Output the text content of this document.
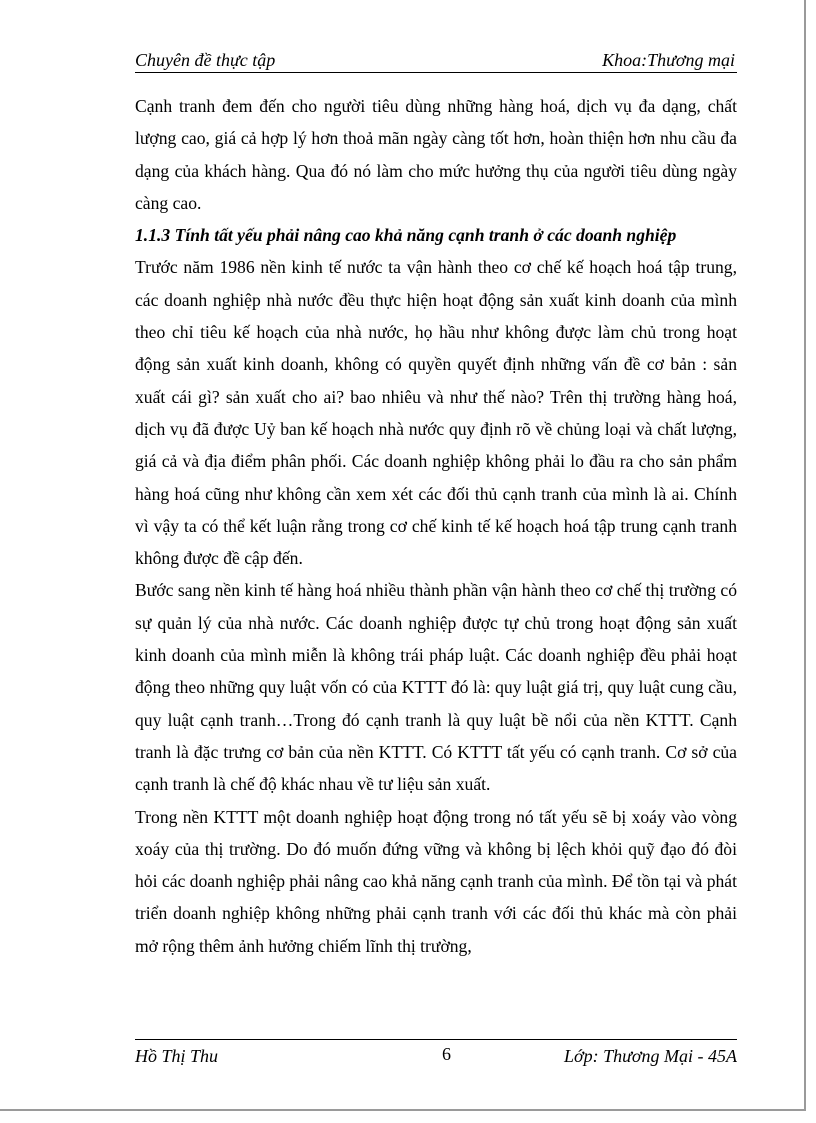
Chuyên đề thực tập	Khoa:Thương mại

Cạnh tranh đem đến cho người tiêu dùng những hàng hoá, dịch vụ đa dạng, chất lượng cao, giá cả hợp lý hơn thoả mãn ngày càng tốt hơn, hoàn thiện hơn nhu cầu đa dạng của khách hàng. Qua đó nó làm cho mức hưởng thụ của người tiêu dùng ngày càng cao.

1.1.3 Tính tất yếu phải nâng cao khả năng cạnh tranh ở các doanh nghiệp

Trước năm 1986 nền kinh tế nước ta vận hành theo cơ chế kế hoạch hoá tập trung, các doanh nghiệp nhà nước đều thực hiện hoạt động sản xuất kinh doanh của mình theo chỉ tiêu kế hoạch của nhà nước, họ hầu như không được làm chủ trong hoạt động sản xuất kinh doanh, không có quyền quyết định những vấn đề cơ bản : sản xuất cái gì? sản xuất cho ai? bao nhiêu và như thế nào? Trên thị trường hàng hoá, dịch vụ đã được Uỷ ban kế hoạch nhà nước quy định rõ về chủng loại và chất lượng, giá cả và địa điểm phân phối. Các doanh nghiệp không phải lo đầu ra cho sản phẩm hàng hoá cũng như không cần xem xét các đối thủ cạnh tranh của mình là ai. Chính vì vậy ta có thể kết luận rằng trong cơ chế kinh tế kế hoạch hoá tập trung cạnh tranh không được đề cập đến.

Bước sang nền kinh tế hàng hoá nhiều thành phần vận hành theo cơ chế thị trường có sự quản lý của nhà nước. Các doanh nghiệp được tự chủ trong hoạt động sản xuất kinh doanh của mình miễn là không trái pháp luật. Các doanh nghiệp đều phải hoạt động theo những quy luật vốn có của KTTT đó là: quy luật giá trị, quy luật cung cầu, quy luật cạnh tranh…Trong đó cạnh tranh là quy luật bề nổi của nền KTTT. Cạnh tranh là đặc trưng cơ bản của nền KTTT. Có KTTT tất yếu có cạnh tranh. Cơ sở của cạnh tranh là chế độ khác nhau về tư liệu sản xuất.

Trong nền KTTT một doanh nghiệp hoạt động trong nó tất yếu sẽ bị xoáy vào vòng xoáy của thị trường. Do đó muốn đứng vững và không bị lệch khỏi quỹ đạo đó đòi hỏi các doanh nghiệp phải nâng cao khả năng cạnh tranh của mình. Để tồn tại và phát triển doanh nghiệp không những phải cạnh tranh với các đối thủ khác mà còn phải mở rộng thêm ảnh hưởng chiếm lĩnh thị trường,

Hồ Thị Thu	6	Lớp: Thương Mại - 45A
